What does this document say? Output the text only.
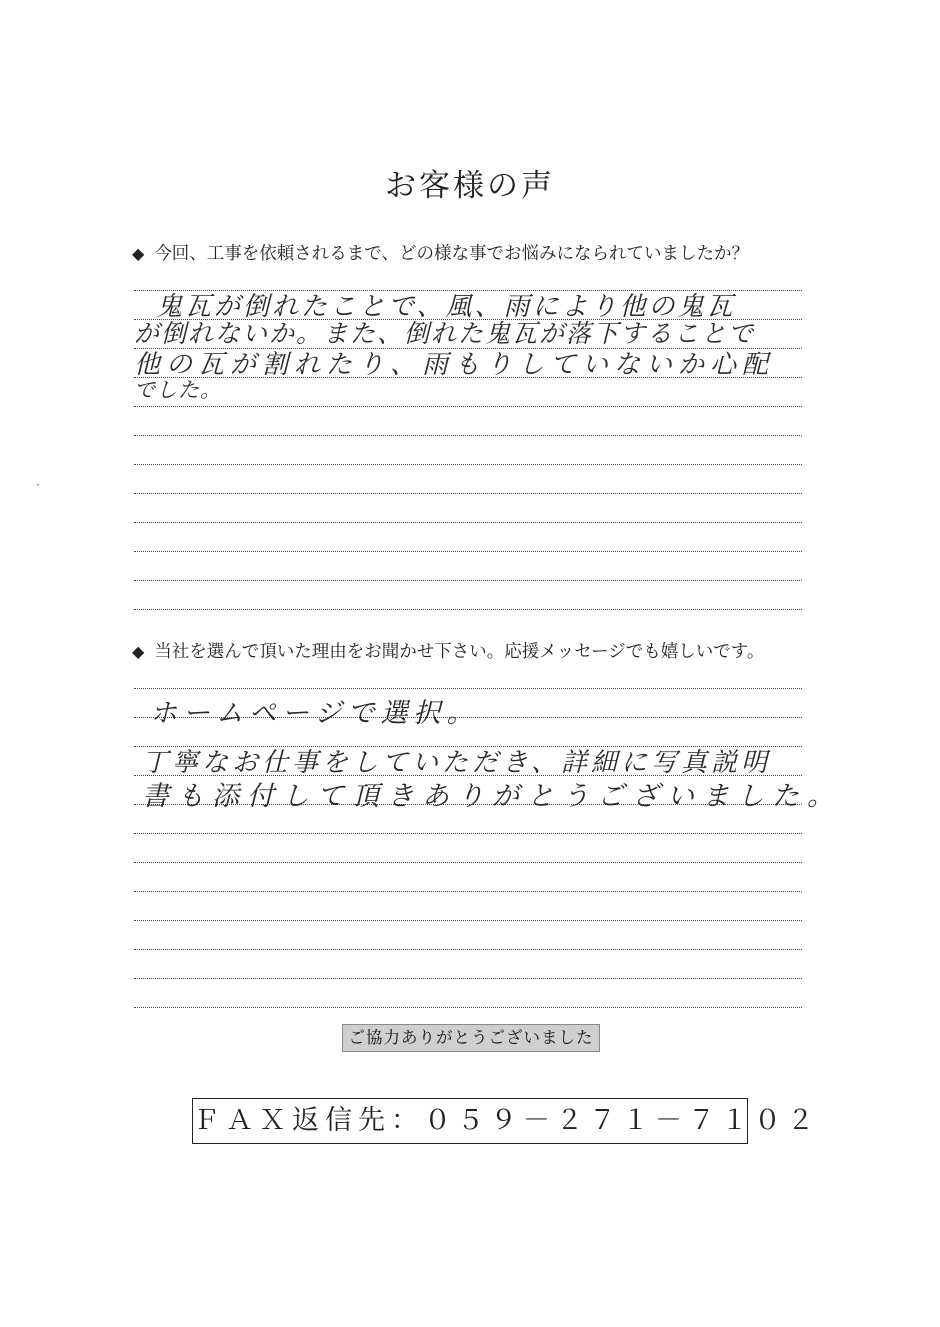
お客様の声
◆ 今回、工事を依頼されるまで、どの様な事でお悩みになられていましたか？
鬼瓦が倒れたことで、風、雨により他の鬼瓦
が倒れないか。また、倒れた鬼瓦が落下することで
他の瓦が割れたり、雨もりしていないか心配
でした。
◆ 当社を選んで頂いた理由をお聞かせ下さい。応援メッセージでも嬉しいです。
ホームページで選択。
丁寧なお仕事をしていただき、詳細に写真説明
書も添付して頂きありがとうございました。
ご協力ありがとうございました
ＦＡＸ返信先：０５９－２７１－７１０２
·
